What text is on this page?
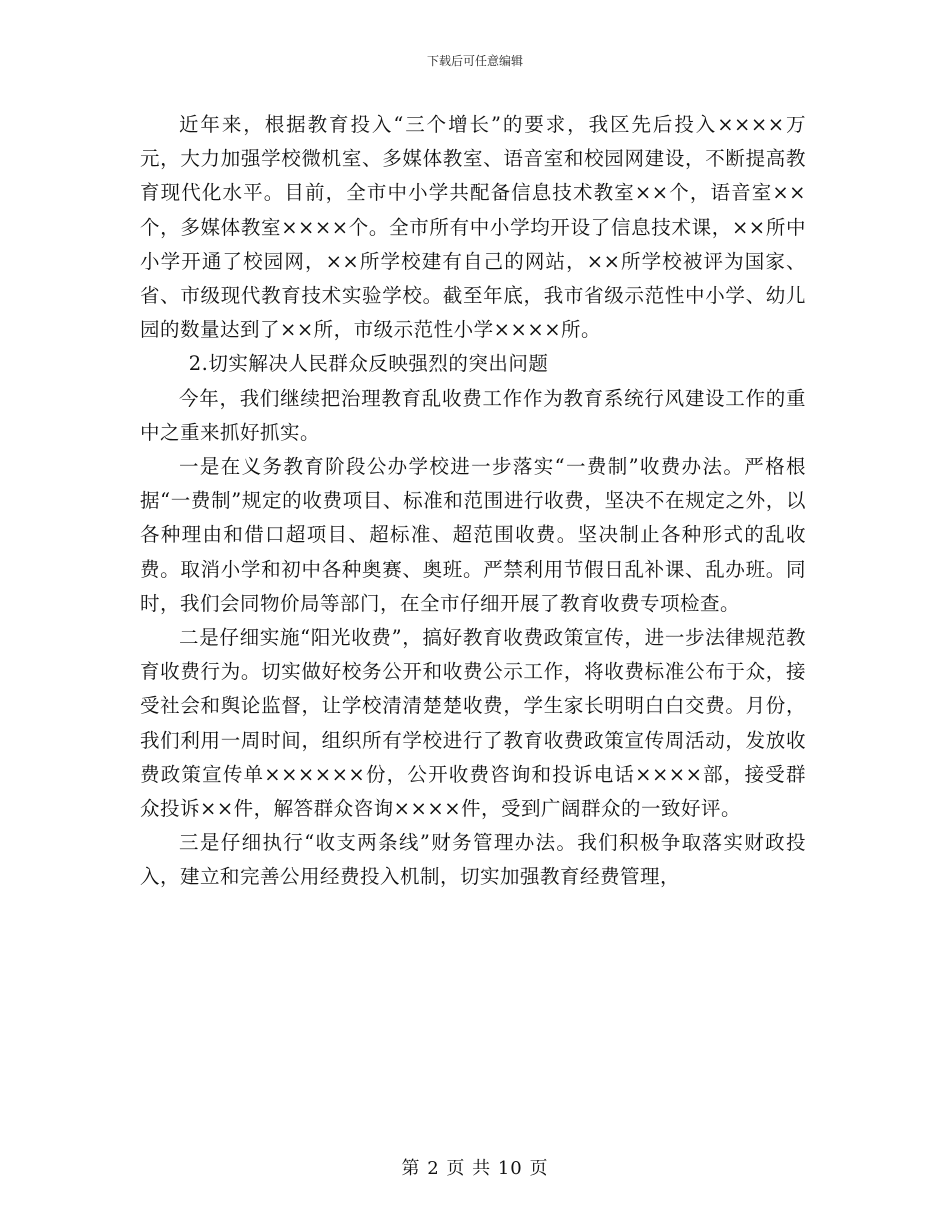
下载后可任意编辑

近年来，根据教育投入“三个增长”的要求，我区先后投入××××万元，大力加强学校微机室、多媒体教室、语音室和校园网建设，不断提高教育现代化水平。目前，全市中小学共配备信息技术教室××个，语音室××个，多媒体教室××××个。全市所有中小学均开设了信息技术课，××所中小学开通了校园网，××所学校建有自己的网站，××所学校被评为国家、省、市级现代教育技术实验学校。截至年底，我市省级示范性中小学、幼儿园的数量达到了××所，市级示范性小学××××所。

2.切实解决人民群众反映强烈的突出问题

今年，我们继续把治理教育乱收费工作作为教育系统行风建设工作的重中之重来抓好抓实。

一是在义务教育阶段公办学校进一步落实“一费制”收费办法。严格根据“一费制”规定的收费项目、标准和范围进行收费，坚决不在规定之外，以各种理由和借口超项目、超标准、超范围收费。坚决制止各种形式的乱收费。取消小学和初中各种奥赛、奥班。严禁利用节假日乱补课、乱办班。同时，我们会同物价局等部门，在全市仔细开展了教育收费专项检查。

二是仔细实施“阳光收费”，搞好教育收费政策宣传，进一步法律规范教育收费行为。切实做好校务公开和收费公示工作，将收费标准公布于众，接受社会和舆论监督，让学校清清楚楚收费，学生家长明明白白交费。月份，我们利用一周时间，组织所有学校进行了教育收费政策宣传周活动，发放收费政策宣传单××××××份，公开收费咨询和投诉电话××××部，接受群众投诉××件，解答群众咨询××××件，受到广阔群众的一致好评。

三是仔细执行“收支两条线”财务管理办法。我们积极争取落实财政投入，建立和完善公用经费投入机制，切实加强教育经费管理，

第 2 页 共 10 页
